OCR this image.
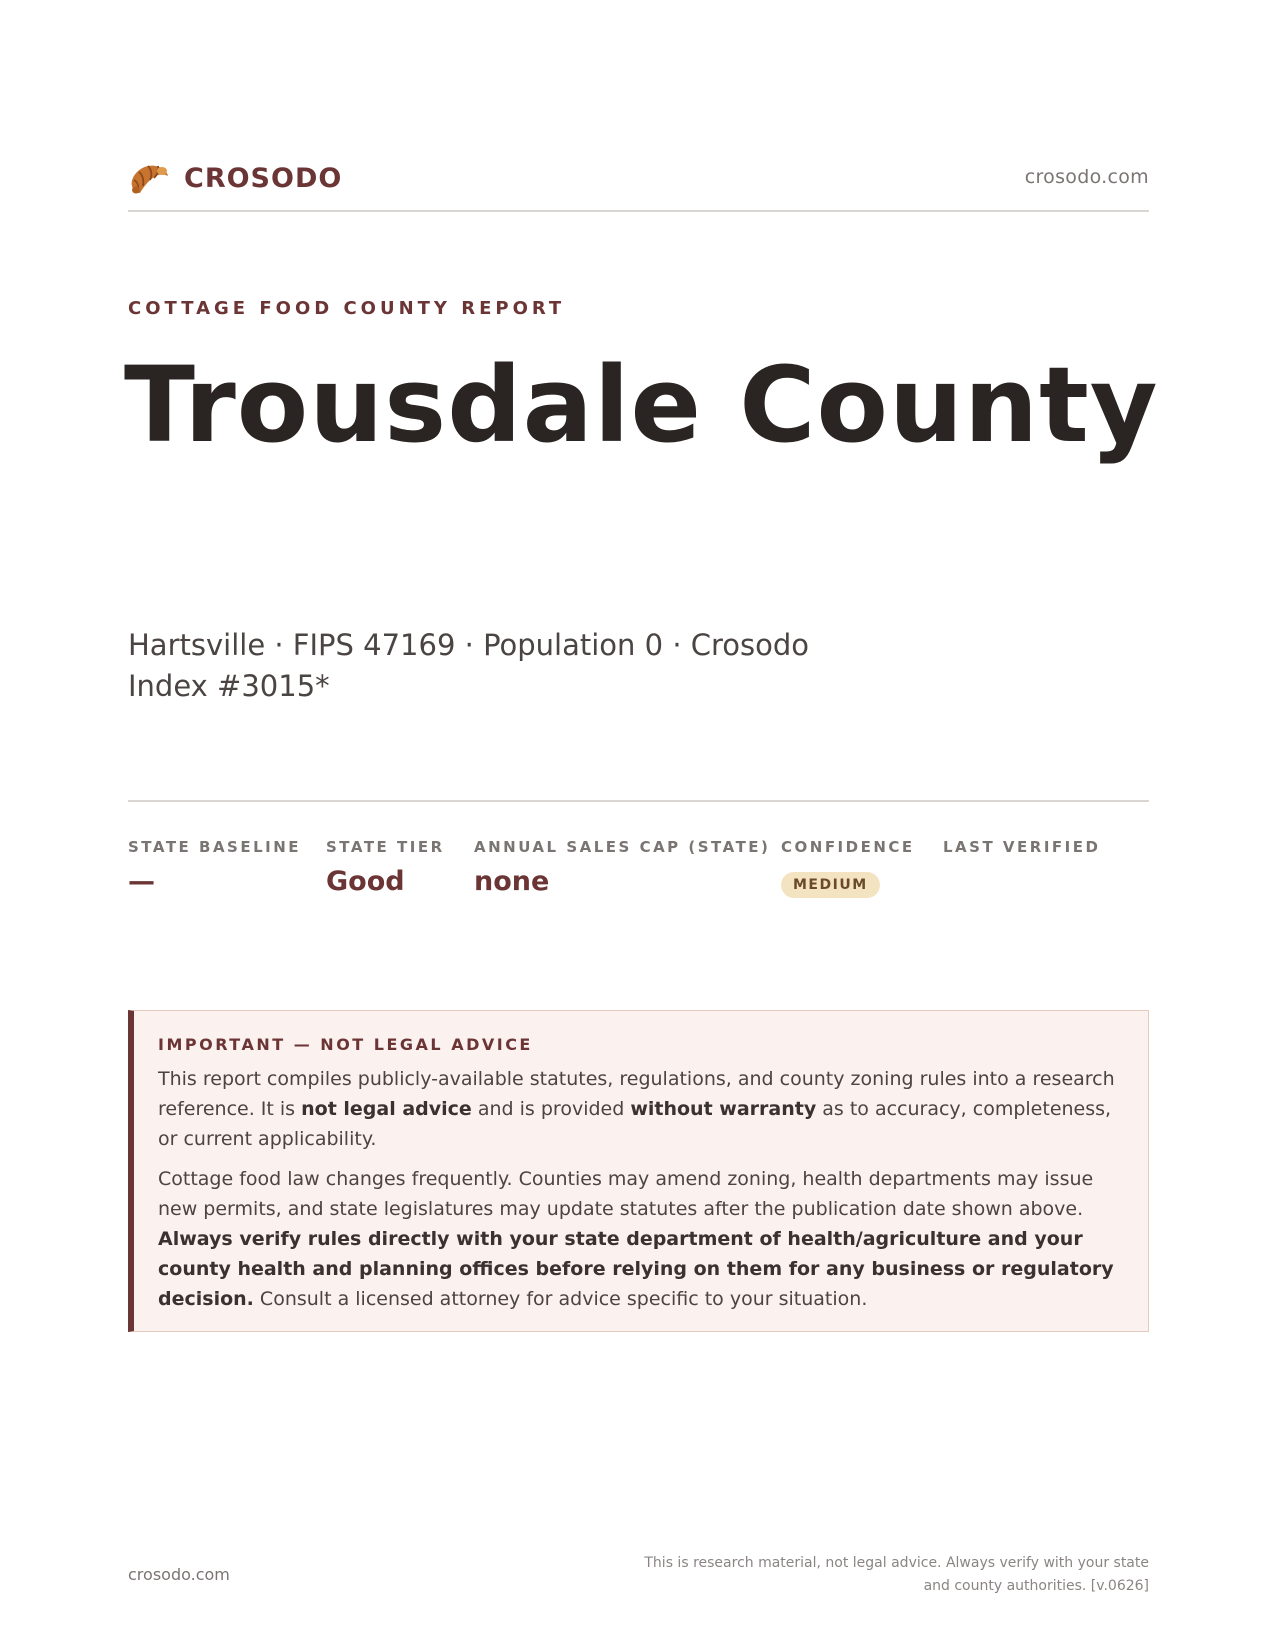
CROSODO	crosodo.com
COTTAGE FOOD COUNTY REPORT
Trousdale County
Hartsville · FIPS 47169 · Population 0 · Crosodo Index #3015*
STATE BASELINE
—
STATE TIER
Good
ANNUAL SALES CAP (STATE)
none
CONFIDENCE
MEDIUM
LAST VERIFIED
IMPORTANT — NOT LEGAL ADVICE

This report compiles publicly-available statutes, regulations, and county zoning rules into a research reference. It is not legal advice and is provided without warranty as to accuracy, completeness, or current applicability.

Cottage food law changes frequently. Counties may amend zoning, health departments may issue new permits, and state legislatures may update statutes after the publication date shown above. Always verify rules directly with your state department of health/agriculture and your county health and planning offices before relying on them for any business or regulatory decision. Consult a licensed attorney for advice specific to your situation.

crosodo.com
This is research material, not legal advice. Always verify with your state and county authorities. [v.0626]
